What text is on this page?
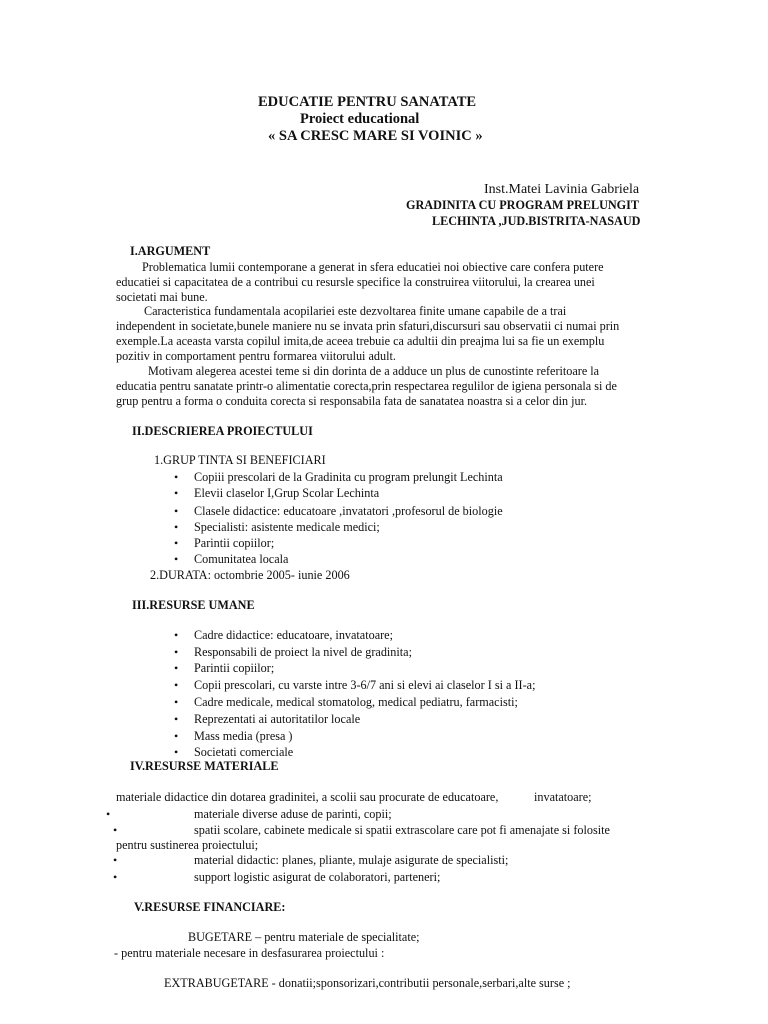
EDUCATIE PENTRU SANATATE
Proiect educational
« SA CRESC MARE SI VOINIC »
Inst.Matei Lavinia Gabriela
GRADINITA CU PROGRAM PRELUNGIT
LECHINTA ,JUD.BISTRITA-NASAUD
I.ARGUMENT
Problematica lumii contemporane a generat in sfera educatiei noi obiective care confera putere
educatiei si capacitatea de a contribui cu resursle specifice la construirea viitorului, la crearea unei
societati mai bune.
Caracteristica fundamentala acopilariei este dezvoltarea finite umane capabile de a trai
independent in societate,bunele maniere nu se invata prin sfaturi,discursuri sau observatii ci numai prin
exemple.La aceasta varsta copilul imita,de aceea trebuie ca adultii din preajma lui sa fie un exemplu
pozitiv in comportament pentru formarea viitorului adult.
Motivam alegerea acestei teme si din dorinta de a adduce un plus de cunostinte referitoare la
educatia pentru sanatate printr-o alimentatie corecta,prin respectarea regulilor de igiena personala si de
grup pentru a forma o conduita corecta si responsabila fata de sanatatea noastra si a celor din jur.
II.DESCRIEREA PROIECTULUI
1.GRUP TINTA SI BENEFICIARI
• Copiii prescolari de la Gradinita cu program prelungit Lechinta
• Elevii claselor I,Grup Scolar Lechinta
• Clasele didactice: educatoare ,invatatori ,profesorul de biologie
• Specialisti: asistente medicale medici;
• Parintii copiilor;
• Comunitatea locala
2.DURATA: octombrie 2005- iunie 2006
III.RESURSE UMANE
• Cadre didactice: educatoare, invatatoare;
• Responsabili de proiect la nivel de gradinita;
• Parintii copiilor;
• Copii prescolari, cu varste intre 3-6/7 ani si elevi ai claselor I si a II-a;
• Cadre medicale, medical stomatolog, medical pediatru, farmacisti;
• Reprezentati ai autoritatilor locale
• Mass media (presa )
• Societati comerciale
IV.RESURSE MATERIALE
materiale didactice din dotarea gradinitei, a scolii sau procurate de educatoare,	invatatoare;
•	materiale diverse aduse de parinti, copii;
•	spatii scolare, cabinete medicale si spatii extrascolare care pot fi amenajate si folosite
pentru sustinerea proiectului;
•	material didactic: planes, pliante, mulaje asigurate de specialisti;
•	support logistic asigurat de colaboratori, parteneri;
V.RESURSE FINANCIARE:
BUGETARE – pentru materiale de specialitate;
- pentru materiale necesare in desfasurarea proiectului :
EXTRABUGETARE - donatii;sponsorizari,contributii personale,serbari,alte surse ;
